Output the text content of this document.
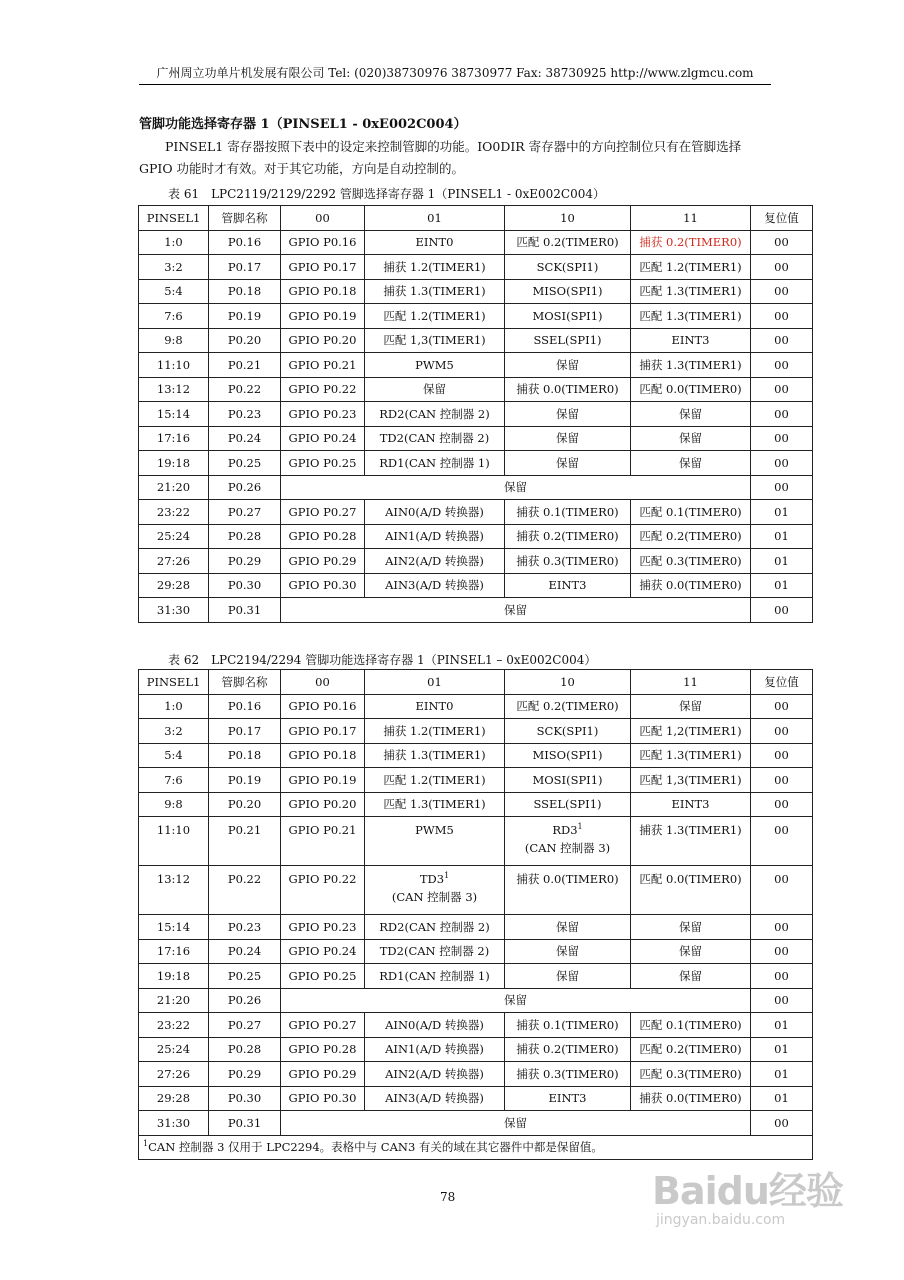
广州周立功单片机发展有限公司 Tel: (020)38730976 38730977 Fax: 38730925 http://www.zlgmcu.com
管脚功能选择寄存器 1（PINSEL1 - 0xE002C004）
PINSEL1 寄存器按照下表中的设定来控制管脚的功能。IO0DIR 寄存器中的方向控制位只有在管脚选择 GPIO 功能时才有效。对于其它功能，方向是自动控制的。
表 61　LPC2119/2129/2292 管脚选择寄存器 1（PINSEL1 - 0xE002C004）
PINSEL1	管脚名称	00	01	10	11	复位值
1:0	P0.16	GPIO P0.16	EINT0	匹配 0.2(TIMER0)	捕获 0.2(TIMER0)	00
3:2	P0.17	GPIO P0.17	捕获 1.2(TIMER1)	SCK(SPI1)	匹配 1.2(TIMER1)	00
5:4	P0.18	GPIO P0.18	捕获 1.3(TIMER1)	MISO(SPI1)	匹配 1.3(TIMER1)	00
7:6	P0.19	GPIO P0.19	匹配 1.2(TIMER1)	MOSI(SPI1)	匹配 1.3(TIMER1)	00
9:8	P0.20	GPIO P0.20	匹配 1,3(TIMER1)	SSEL(SPI1)	EINT3	00
11:10	P0.21	GPIO P0.21	PWM5	保留	捕获 1.3(TIMER1)	00
13:12	P0.22	GPIO P0.22	保留	捕获 0.0(TIMER0)	匹配 0.0(TIMER0)	00
15:14	P0.23	GPIO P0.23	RD2(CAN 控制器 2)	保留	保留	00
17:16	P0.24	GPIO P0.24	TD2(CAN 控制器 2)	保留	保留	00
19:18	P0.25	GPIO P0.25	RD1(CAN 控制器 1)	保留	保留	00
21:20	P0.26	保留				00
23:22	P0.27	GPIO P0.27	AIN0(A/D 转换器)	捕获 0.1(TIMER0)	匹配 0.1(TIMER0)	01
25:24	P0.28	GPIO P0.28	AIN1(A/D 转换器)	捕获 0.2(TIMER0)	匹配 0.2(TIMER0)	01
27:26	P0.29	GPIO P0.29	AIN2(A/D 转换器)	捕获 0.3(TIMER0)	匹配 0.3(TIMER0)	01
29:28	P0.30	GPIO P0.30	AIN3(A/D 转换器)	EINT3	捕获 0.0(TIMER0)	01
31:30	P0.31	保留				00
表 62　LPC2194/2294 管脚功能选择寄存器 1（PINSEL1 – 0xE002C004）
PINSEL1	管脚名称	00	01	10	11	复位值
1:0	P0.16	GPIO P0.16	EINT0	匹配 0.2(TIMER0)	保留	00
3:2	P0.17	GPIO P0.17	捕获 1.2(TIMER1)	SCK(SPI1)	匹配 1,2(TIMER1)	00
5:4	P0.18	GPIO P0.18	捕获 1.3(TIMER1)	MISO(SPI1)	匹配 1.3(TIMER1)	00
7:6	P0.19	GPIO P0.19	匹配 1.2(TIMER1)	MOSI(SPI1)	匹配 1,3(TIMER1)	00
9:8	P0.20	GPIO P0.20	匹配 1.3(TIMER1)	SSEL(SPI1)	EINT3	00
11:10	P0.21	GPIO P0.21	PWM5	$RD3^1$
(CAN 控制器 3)	捕获 1.3(TIMER1)	00
13:12	P0.22	GPIO P0.22	$TD3^1$
(CAN 控制器 3)	捕获 0.0(TIMER0)	匹配 0.0(TIMER0)	00
15:14	P0.23	GPIO P0.23	RD2(CAN 控制器 2)	保留	保留	00
17:16	P0.24	GPIO P0.24	TD2(CAN 控制器 2)	保留	保留	00
19:18	P0.25	GPIO P0.25	RD1(CAN 控制器 1)	保留	保留	00
21:20	P0.26	保留				00
23:22	P0.27	GPIO P0.27	AIN0(A/D 转换器)	捕获 0.1(TIMER0)	匹配 0.1(TIMER0)	01
25:24	P0.28	GPIO P0.28	AIN1(A/D 转换器)	捕获 0.2(TIMER0)	匹配 0.2(TIMER0)	01
27:26	P0.29	GPIO P0.29	AIN2(A/D 转换器)	捕获 0.3(TIMER0)	匹配 0.3(TIMER0)	01
29:28	P0.30	GPIO P0.30	AIN3(A/D 转换器)	EINT3	捕获 0.0(TIMER0)	01
31:30	P0.31	保留				00
$^1$CAN 控制器 3 仅用于 LPC2294。表格中与 CAN3 有关的域在其它器件中都是保留值。						
78	Baidu经验
jingyan.baidu.com
